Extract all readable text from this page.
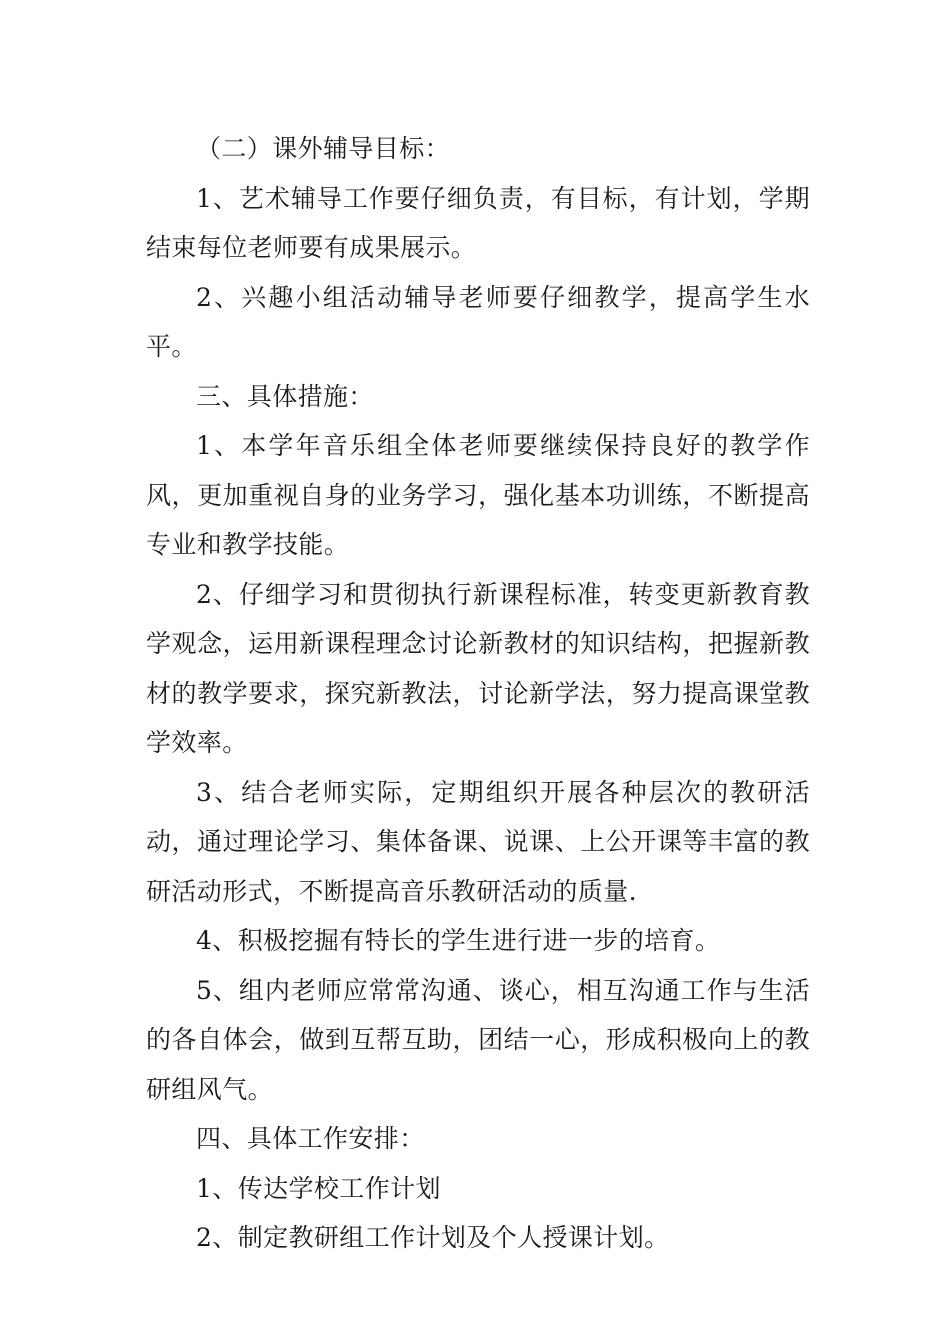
（二）课外辅导目标：

1、艺术辅导工作要仔细负责，有目标，有计划，学期结束每位老师要有成果展示。

2、兴趣小组活动辅导老师要仔细教学，提高学生水平。

三、具体措施：

1、本学年音乐组全体老师要继续保持良好的教学作风，更加重视自身的业务学习，强化基本功训练，不断提高专业和教学技能。

2、仔细学习和贯彻执行新课程标准，转变更新教育教学观念，运用新课程理念讨论新教材的知识结构，把握新教材的教学要求，探究新教法，讨论新学法，努力提高课堂教学效率。

3、结合老师实际，定期组织开展各种层次的教研活动，通过理论学习、集体备课、说课、上公开课等丰富的教研活动形式，不断提高音乐教研活动的质量.

4、积极挖掘有特长的学生进行进一步的培育。

5、组内老师应常常沟通、谈心，相互沟通工作与生活的各自体会，做到互帮互助，团结一心，形成积极向上的教研组风气。

四、具体工作安排：

1、传达学校工作计划

2、制定教研组工作计划及个人授课计划。
